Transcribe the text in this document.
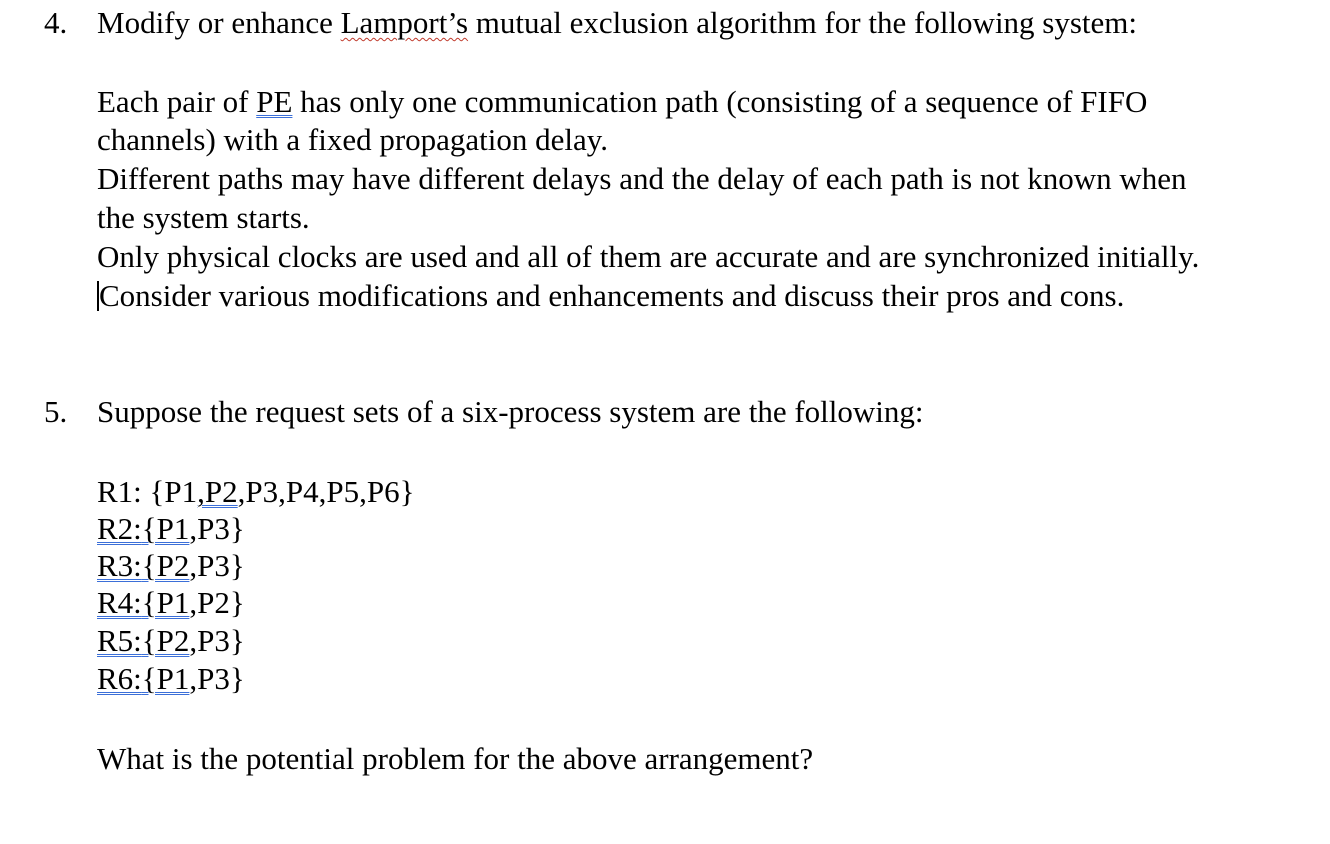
4. Modify or enhance Lamport’s mutual exclusion algorithm for the following system:
Each pair of PE has only one communication path (consisting of a sequence of FIFO
channels) with a fixed propagation delay.
Different paths may have different delays and the delay of each path is not known when
the system starts.
Only physical clocks are used and all of them are accurate and are synchronized initially.
Consider various modifications and enhancements and discuss their pros and cons.
5. Suppose the request sets of a six-process system are the following:
R1: {P1,P2,P3,P4,P5,P6}
R2:{P1,P3}
R3:{P2,P3}
R4:{P1,P2}
R5:{P2,P3}
R6:{P1,P3}
What is the potential problem for the above arrangement?
